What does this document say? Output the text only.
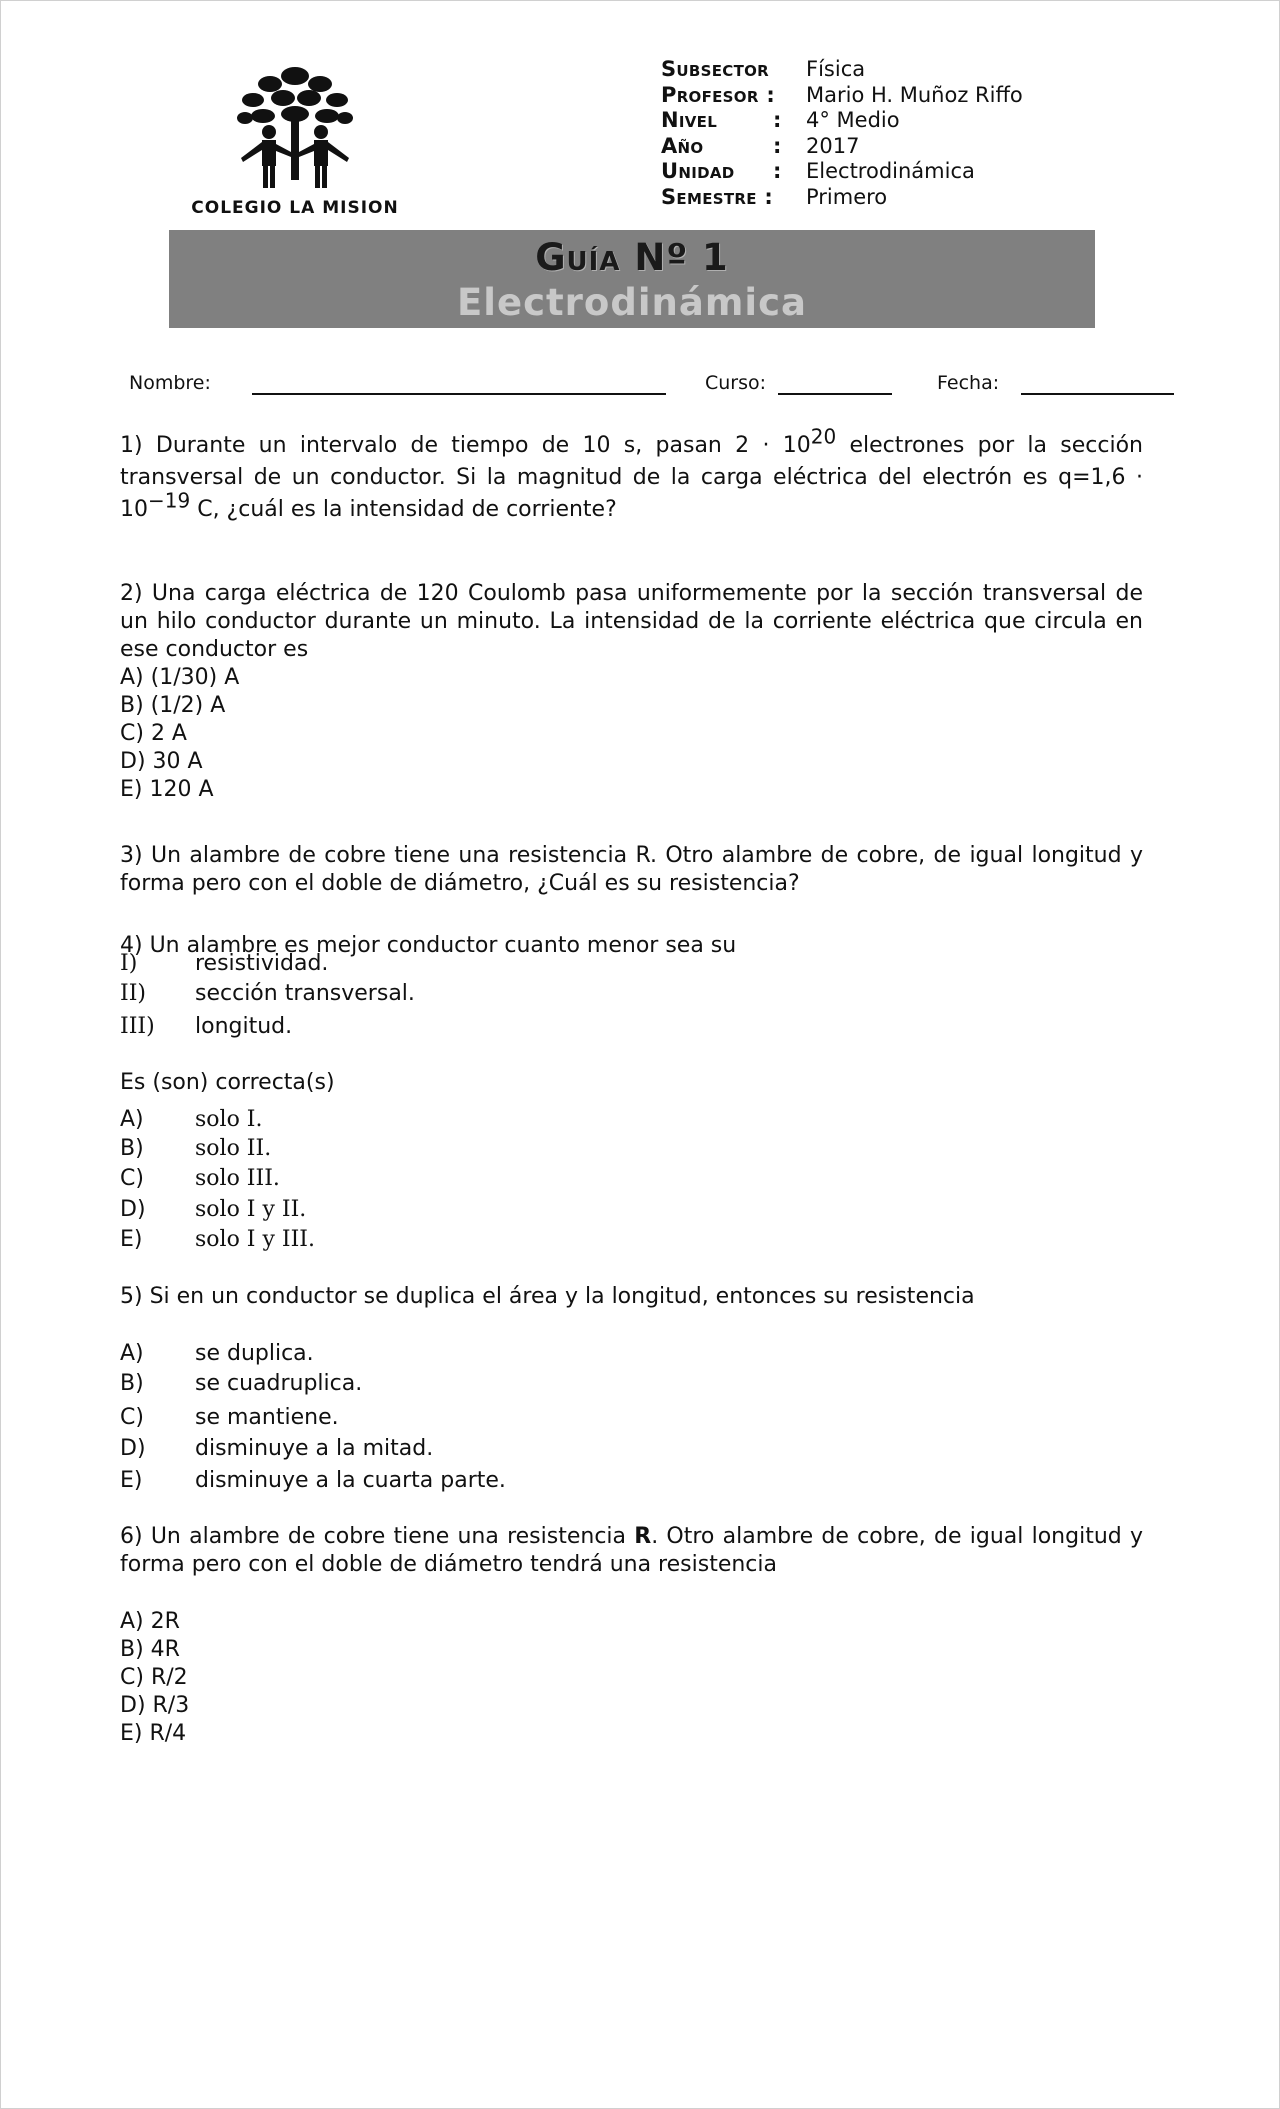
COLEGIO LA MISION
Subsector	Física
Profesor :	Mario H. Muñoz Riffo
Nivel	:	4° Medio
Año	:	2017
Unidad :	Electrodinámica
Semestre :	Primero
Guía Nº 1
Electrodinámica
Nombre:	Curso:	Fecha:
1) Durante un intervalo de tiempo de 10 s, pasan $2 \cdot 10^{20}$ electrones por la sección transversal de un conductor. Si la magnitud de la carga eléctrica del electrón es $q=1,6 \cdot 10^{-19}$ C, ¿cuál es la intensidad de corriente?
2) Una carga eléctrica de 120 Coulomb pasa uniformemente por la sección transversal de un hilo conductor durante un minuto. La intensidad de la corriente eléctrica que circula en ese conductor es
A) (1/30) A
B) (1/2) A
C) 2 A
D) 30 A
E) 120 A
3) Un alambre de cobre tiene una resistencia R. Otro alambre de cobre, de igual longitud y forma pero con el doble de diámetro, ¿Cuál es su resistencia?
4) Un alambre es mejor conductor cuanto menor sea su
I)	resistividad.
II) sección transversal.
III) longitud.
Es (son) correcta(s)
A) solo I.
B) solo II.
C) solo III.
D) solo I y II.
E) solo I y III.
5) Si en un conductor se duplica el área y la longitud, entonces su resistencia
A) se duplica.
B) se cuadruplica.
C) se mantiene.
D) disminuye a la mitad.
E) disminuye a la cuarta parte.
6) Un alambre de cobre tiene una resistencia R. Otro alambre de cobre, de igual longitud y forma pero con el doble de diámetro tendrá una resistencia
A) 2R
B) 4R
C) R/2
D) R/3
E) R/4
